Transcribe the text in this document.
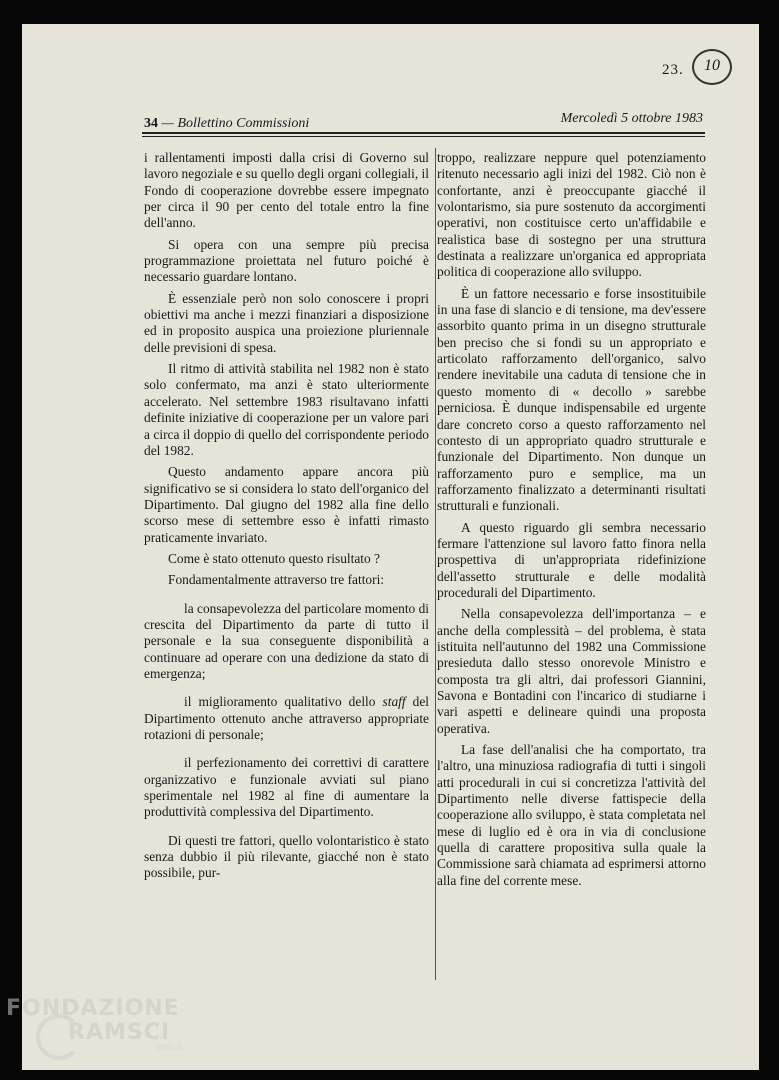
23.	10
34 — Bollettino Commissioni	Mercoledì 5 ottobre 1983

i rallentamenti imposti dalla crisi di Governo sul lavoro negoziale e su quello degli organi collegiali, il Fondo di cooperazione dovrebbe essere impegnato per circa il 90 per cento del totale entro la fine dell'anno.

Si opera con una sempre più precisa programmazione proiettata nel futuro poiché è necessario guardare lontano.

È essenziale però non solo conoscere i propri obiettivi ma anche i mezzi finanziari a disposizione ed in proposito auspica una proiezione pluriennale delle previsioni di spesa.

Il ritmo di attività stabilita nel 1982 non è stato solo confermato, ma anzi è stato ulteriormente accelerato. Nel settembre 1983 risultavano infatti definite iniziative di cooperazione per un valore pari a circa il doppio di quello del corrispondente periodo del 1982.

Questo andamento appare ancora più significativo se si considera lo stato dell'organico del Dipartimento. Dal giugno del 1982 alla fine dello scorso mese di settembre esso è infatti rimasto praticamente invariato.

Come è stato ottenuto questo risultato ?

Fondamentalmente attraverso tre fattori:

la consapevolezza del particolare momento di crescita del Dipartimento da parte di tutto il personale e la sua conseguente disponibilità a continuare ad operare con una dedizione da stato di emergenza;

il miglioramento qualitativo dello staff del Dipartimento ottenuto anche attraverso appropriate rotazioni di personale;

il perfezionamento dei correttivi di carattere organizzativo e funzionale avviati sul piano sperimentale nel 1982 al fine di aumentare la produttività complessiva del Dipartimento.

Di questi tre fattori, quello volontaristico è stato senza dubbio il più rilevante, giacché non è stato possibile, pur-

troppo, realizzare neppure quel potenziamento ritenuto necessario agli inizi del 1982. Ciò non è confortante, anzi è preoccupante giacché il volontarismo, sia pure sostenuto da accorgimenti operativi, non costituisce certo un'affidabile e realistica base di sostegno per una struttura destinata a realizzare un'organica ed appropriata politica di cooperazione allo sviluppo.

È un fattore necessario e forse insostituibile in una fase di slancio e di tensione, ma dev'essere assorbito quanto prima in un disegno strutturale ben preciso che si fondi su un appropriato e articolato rafforzamento dell'organico, salvo rendere inevitabile una caduta di tensione che in questo momento di « decollo » sarebbe perniciosa. È dunque indispensabile ed urgente dare concreto corso a questo rafforzamento nel contesto di un appropriato quadro strutturale e funzionale del Dipartimento. Non dunque un rafforzamento puro e semplice, ma un rafforzamento finalizzato a determinanti risultati strutturali e funzionali.

A questo riguardo gli sembra necessario fermare l'attenzione sul lavoro fatto finora nella prospettiva di un'appropriata ridefinizione dell'assetto strutturale e delle modalità procedurali del Dipartimento.

Nella consapevolezza dell'importanza – e anche della complessità – del problema, è stata istituita nell'autunno del 1982 una Commissione presieduta dallo stesso onorevole Ministro e composta tra gli altri, dai professori Giannini, Savona e Bontadini con l'incarico di studiarne i vari aspetti e delineare quindi una proposta operativa.

La fase dell'analisi che ha comportato, tra l'altro, una minuziosa radiografia di tutti i singoli atti procedurali in cui si concretizza l'attività del Dipartimento nelle diverse fattispecie della cooperazione allo sviluppo, è stata completata nel mese di luglio ed è ora in via di conclusione quella di carattere propositiva sulla quale la Commissione sarà chiamata ad esprimersi attorno alla fine del corrente mese.

FONDAZIONE
RAMSCI
onlus
